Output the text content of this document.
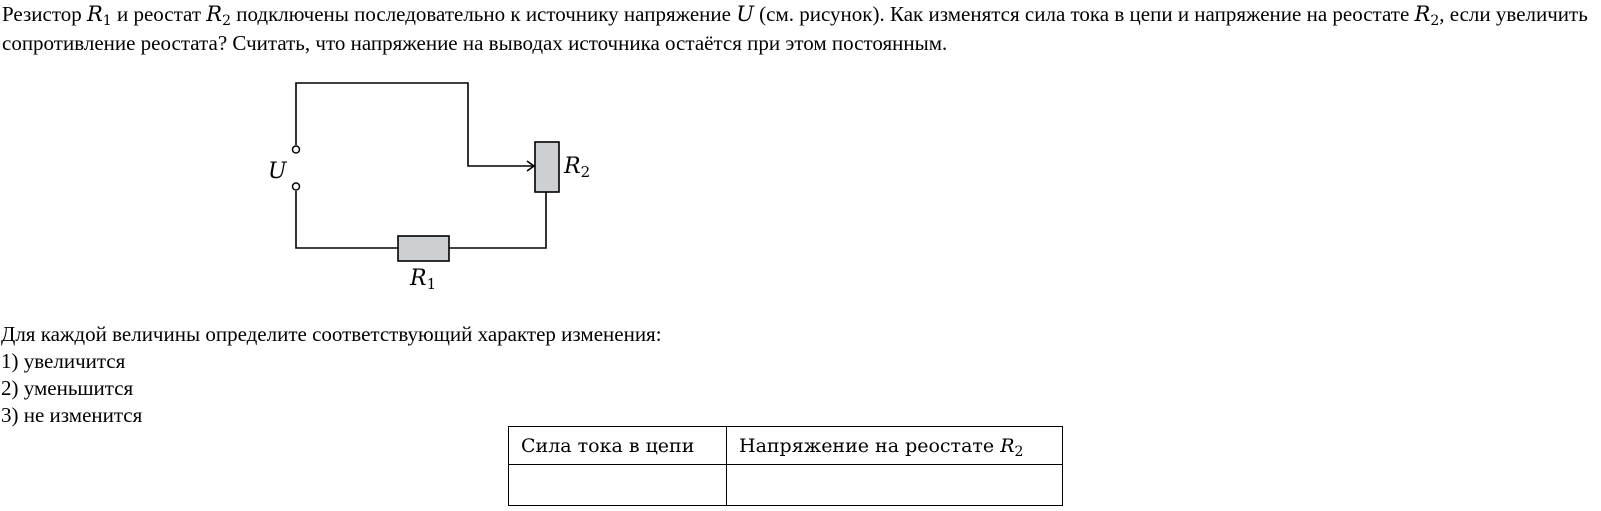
Резистор $R_1$ и реостат $R_2$ подключены последовательно к источнику напряжение U (см. рисунок). Как изменятся сила тока в цепи и напряжение на реостате $R_2$, если увеличить сопротивление реостата? Считать, что напряжение на выводах источника остаётся при этом постоянным.
U	R2
R1
Для каждой величины определите соответствующий характер изменения:
1) увеличится
2) уменьшится
3) не изменится
Сила тока в цепи	Напряжение на реостате $R_2$
